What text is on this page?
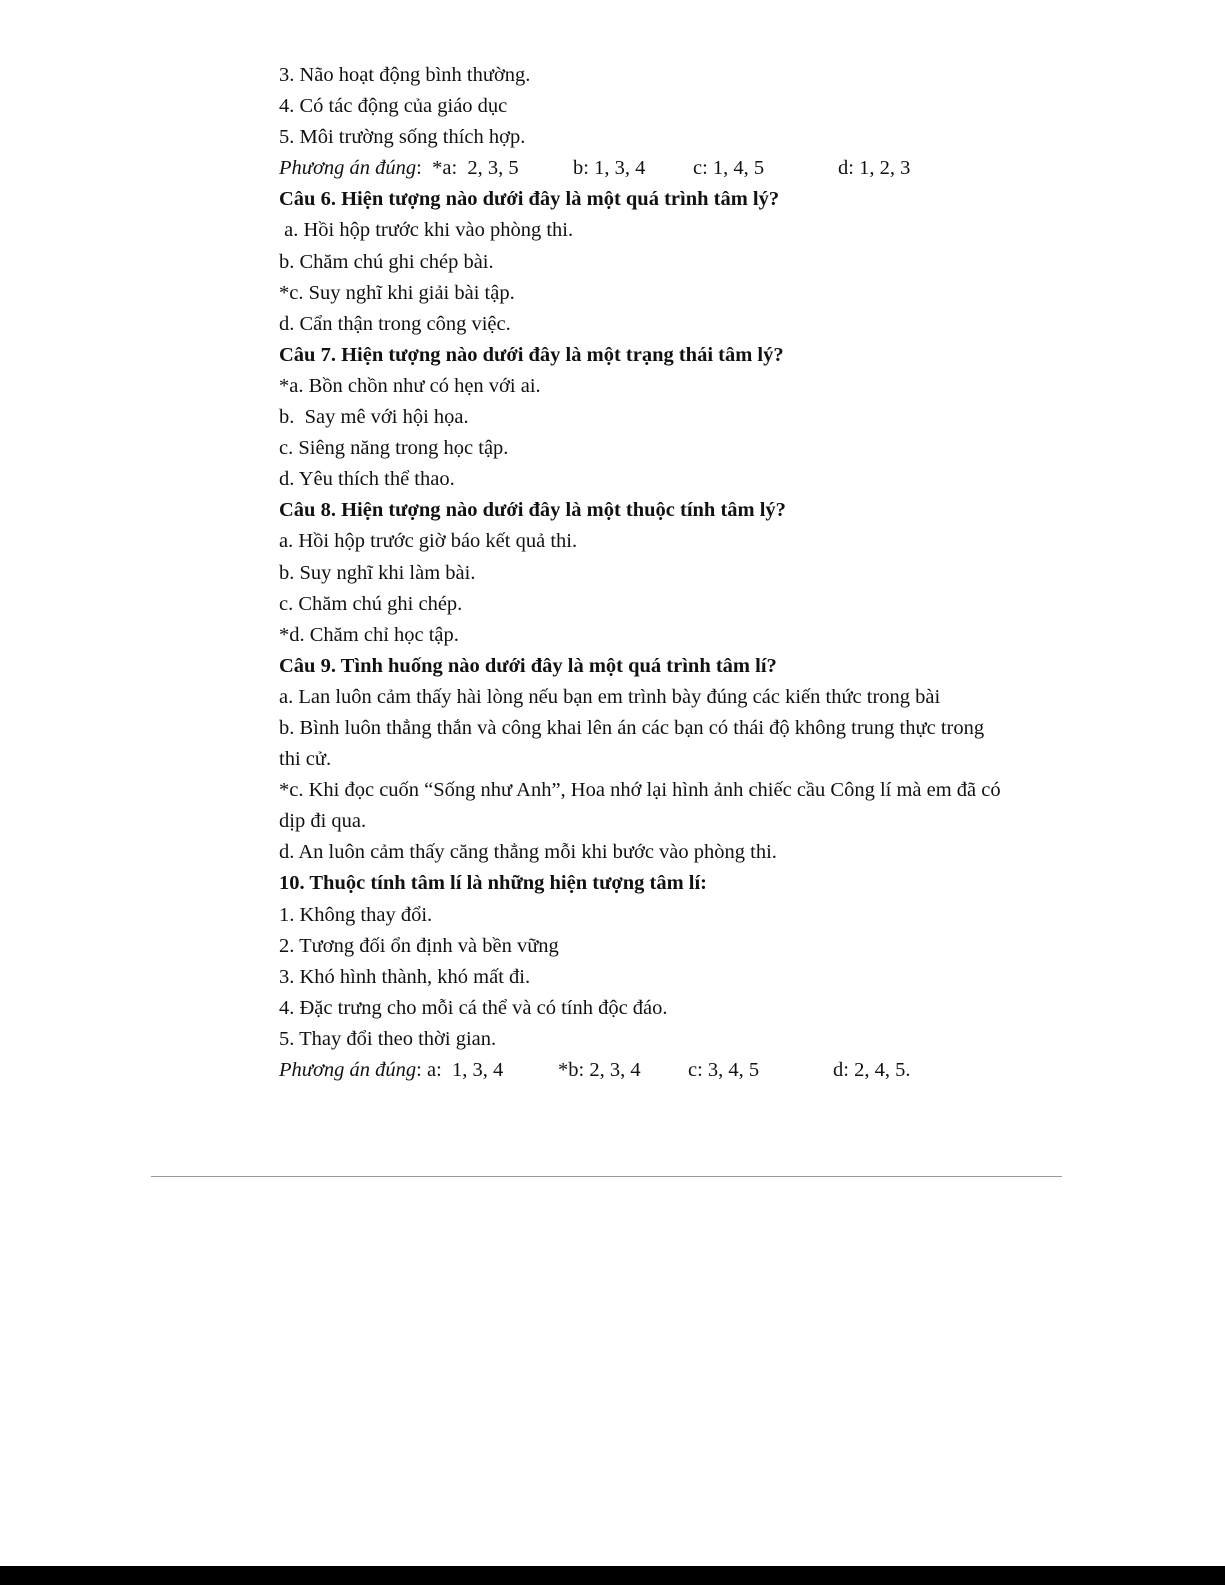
3. Não hoạt động bình thường.
4. Có tác động của giáo dục
5. Môi trường sống thích hợp.

Phương án đúng:  *a:  2, 3, 5

	b: 1, 3, 4

c: 1, 4, 5

	d: 1, 2, 3

Câu 6. Hiện tượng nào dưới đây là một quá trình tâm lý?
a. Hồi hộp trước khi vào phòng thi.
b. Chăm chú ghi chép bài.
*c. Suy nghĩ khi giải bài tập.
d. Cẩn thận trong công việc.
Câu 7. Hiện tượng nào dưới đây là một trạng thái tâm lý?
*a. Bồn chồn như có hẹn với ai.
b.  Say mê với hội họa.
c. Siêng năng trong học tập.
d. Yêu thích thể thao.
Câu 8. Hiện tượng nào dưới đây là một thuộc tính tâm lý?
a. Hồi hộp trước giờ báo kết quả thi.
b. Suy nghĩ khi làm bài.
c. Chăm chú ghi chép.
*d. Chăm chỉ học tập.
Câu 9. Tình huống nào dưới đây là một quá trình tâm lí?
a. Lan luôn cảm thấy hài lòng nếu bạn em trình bày đúng các kiến thức trong bài
b. Bình luôn thẳng thắn và công khai lên án các bạn có thái độ không trung thực trong thi cử.
*c. Khi đọc cuốn “Sống như Anh”, Hoa nhớ lại hình ảnh chiếc cầu Công lí mà em đã có dịp đi qua.
d. An luôn cảm thấy căng thẳng mỗi khi bước vào phòng thi.
10. Thuộc tính tâm lí là những hiện tượng tâm lí:
1. Không thay đổi.
2. Tương đối ổn định và bền vững
3. Khó hình thành, khó mất đi.
4. Đặc trưng cho mỗi cá thể và có tính độc đáo.
5. Thay đổi theo thời gian.

Phương án đúng: a:  1, 3, 4

	*b: 2, 3, 4

c: 3, 4, 5

	d: 2, 4, 5.
